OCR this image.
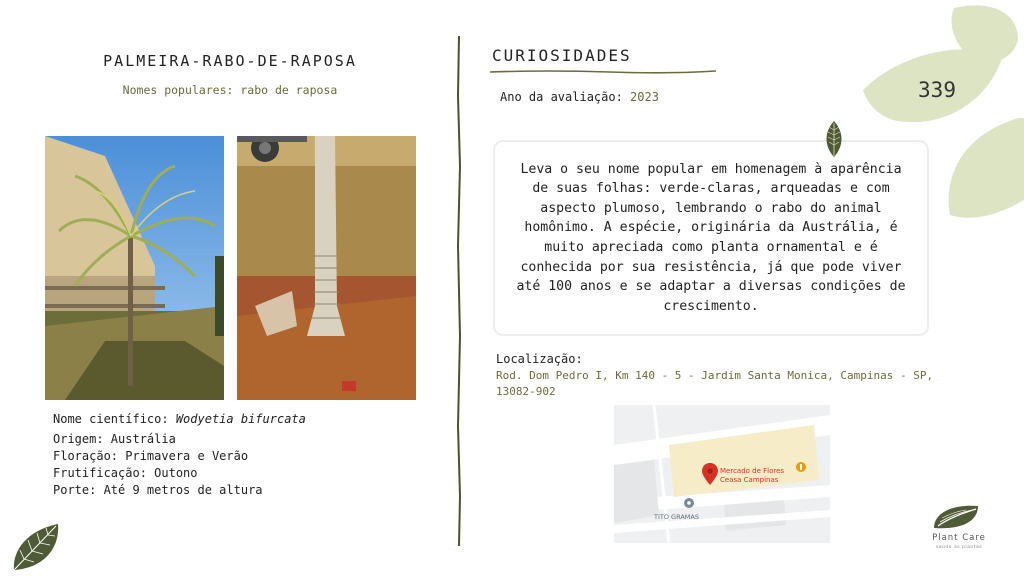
PALMEIRA-RABO-DE-RAPOSA
Nomes populares: rabo de raposa
Nome científico: Wodyetia bifurcata
Origem: Austrália
Floração: Primavera e Verão
Frutificação: Outono
Porte: Até 9 metros de altura
CURIOSIDADES
Ano da avaliação: 2023
Leva o seu nome popular em homenagem à aparência de suas folhas: verde-claras, arqueadas e com aspecto plumoso, lembrando o rabo do animal homônimo. A espécie, originária da Austrália, é muito apreciada como planta ornamental e é conhecida por sua resistência, já que pode viver até 100 anos e se adaptar a diversas condições de crescimento.
Localização:
Rod. Dom Pedro I, Km 140 - 5 - Jardim Santa Monica, Campinas - SP, 13082-902
Mercado de Flores
Ceasa Campinas
TITO GRAMAS
339
Plant Care
saúde as plantas
